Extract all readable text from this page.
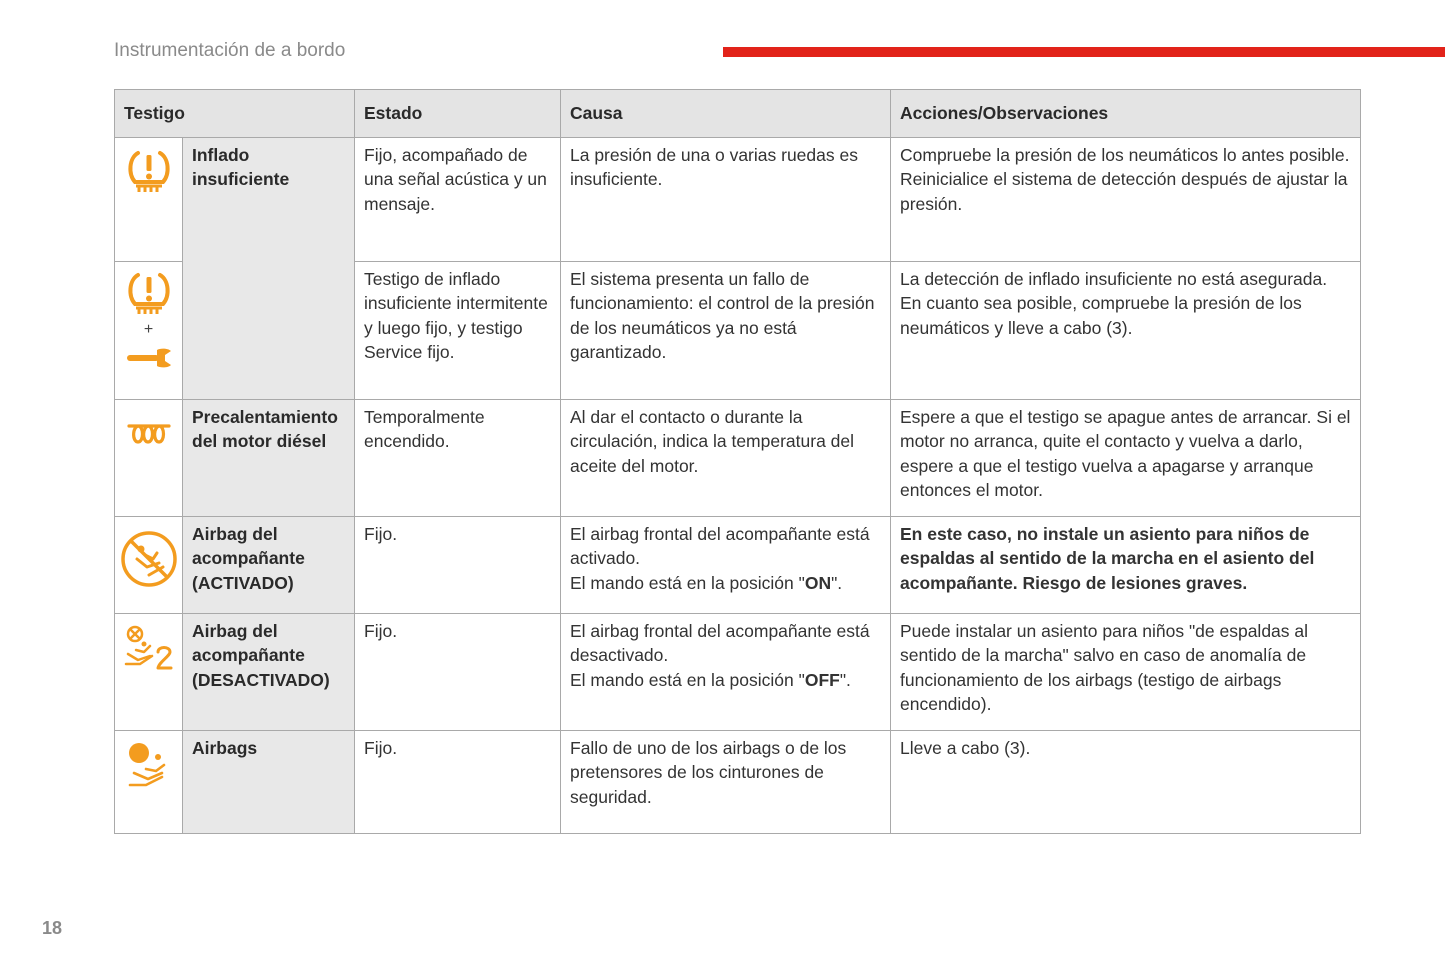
Instrumentación de a bordo
Testigo		Estado	Causa	Acciones/Observaciones

	Inflado insuficiente	Fijo, acompañado de una señal acústica y un mensaje.	La presión de una o varias ruedas es insuficiente.	Compruebe la presión de los neumáticos lo antes posible.
Reinicialice el sistema de detección después de ajustar la presión.

+		Testigo de inflado insuficiente intermitente y luego fijo, y testigo Service fijo.	El sistema presenta un fallo de funcionamiento: el control de la presión de los neumáticos ya no está garantizado.	La detección de inflado insuficiente no está asegurada.
En cuanto sea posible, compruebe la presión de los neumáticos y lleve a cabo (3).

	Precalentamiento del motor diésel	Temporalmente encendido.	Al dar el contacto o durante la circulación, indica la temperatura del aceite del motor.	Espere a que el testigo se apague antes de arrancar. Si el motor no arranca, quite el contacto y vuelva a darlo, espere a que el testigo vuelva a apagarse y arranque entonces el motor.

	Airbag del acompañante (ACTIVADO)	Fijo.	El airbag frontal del acompañante está activado.
El mando está en la posición "ON".	En este caso, no instale un asiento para niños de espaldas al sentido de la marcha en el asiento del acompañante. Riesgo de lesiones graves.

	Airbag del acompañante (DESACTIVADO)	Fijo.	El airbag frontal del acompañante está desactivado.
El mando está en la posición "OFF".	Puede instalar un asiento para niños "de espaldas al sentido de la marcha" salvo en caso de anomalía de funcionamiento de los airbags (testigo de airbags encendido).

	Airbags	Fijo.	Fallo de uno de los airbags o de los pretensores de los cinturones de seguridad.	Lleve a cabo (3).
18
